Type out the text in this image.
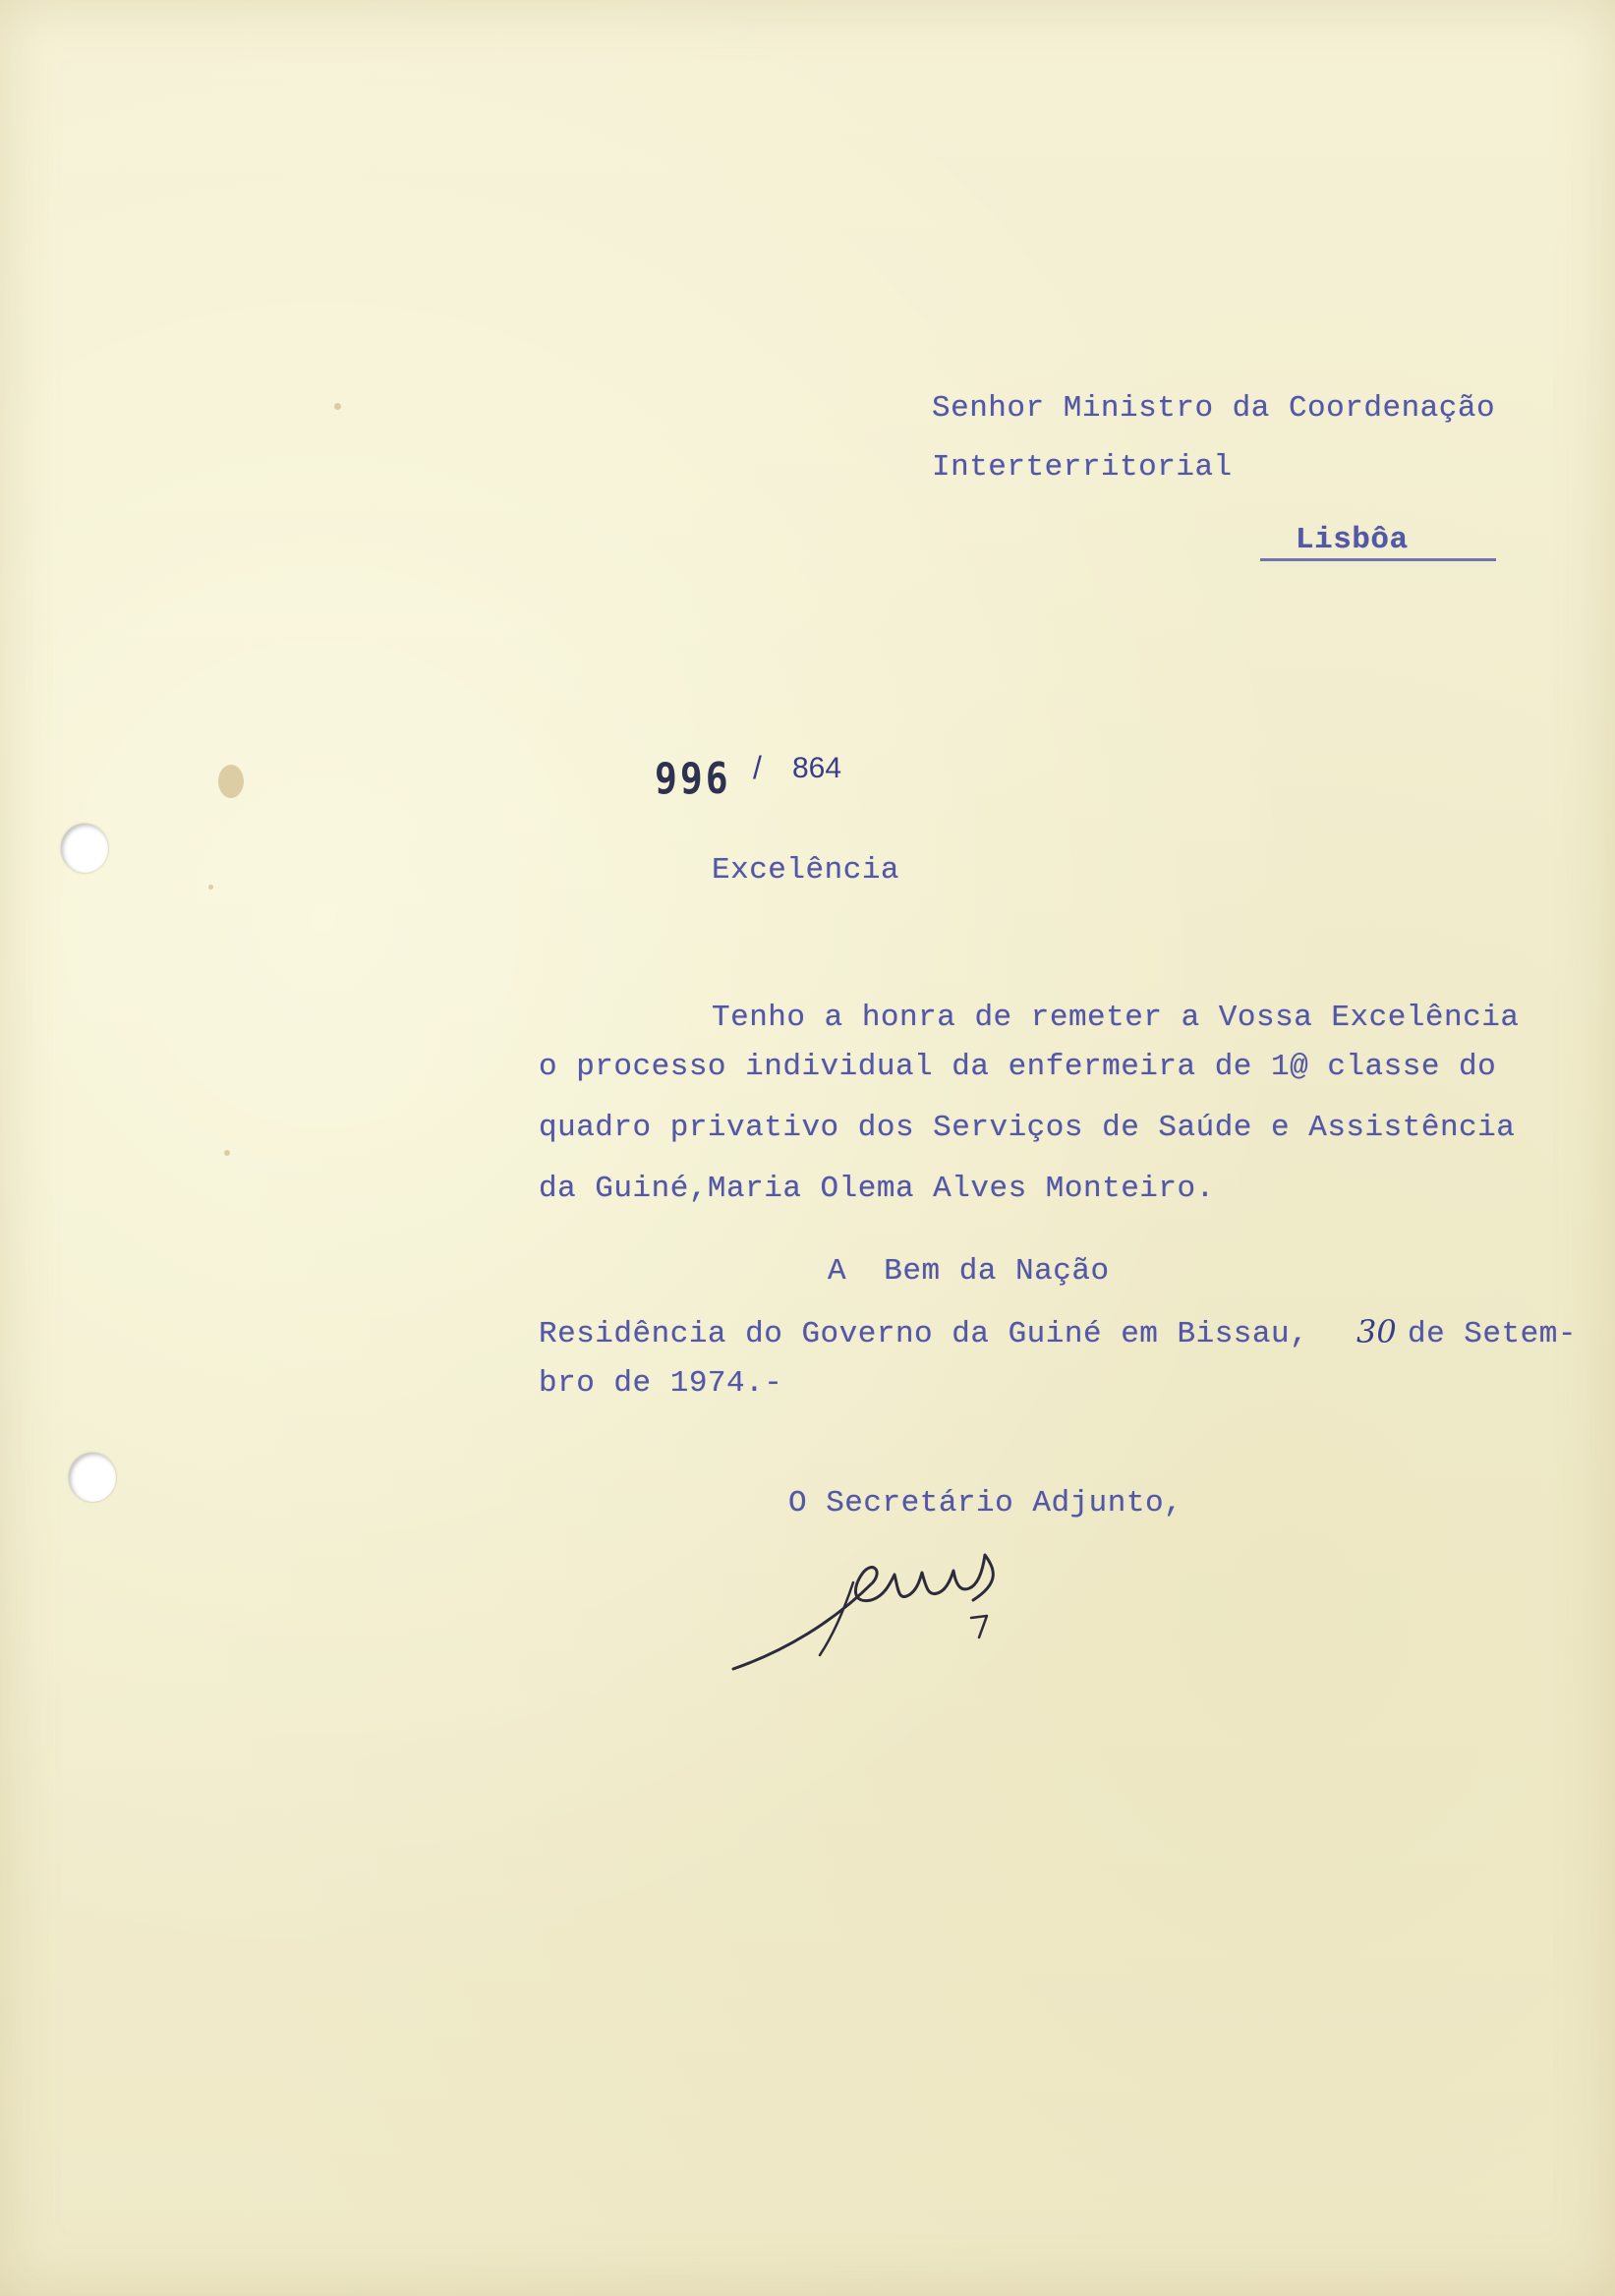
Senhor Ministro da Coordenação

Interterritorial

Lisbôa

996 / 864

Excelência

Tenho a honra de remeter a Vossa Excelência

o processo individual da enfermeira de 1@ classe do

quadro privativo dos Serviços de Saúde e Assistência

da Guiné,Maria Olema Alves Monteiro.

A  Bem da Nação

Residência do Governo da Guiné em Bissau, 30 de Setem-

bro de 1974.-

O Secretário Adjunto,
